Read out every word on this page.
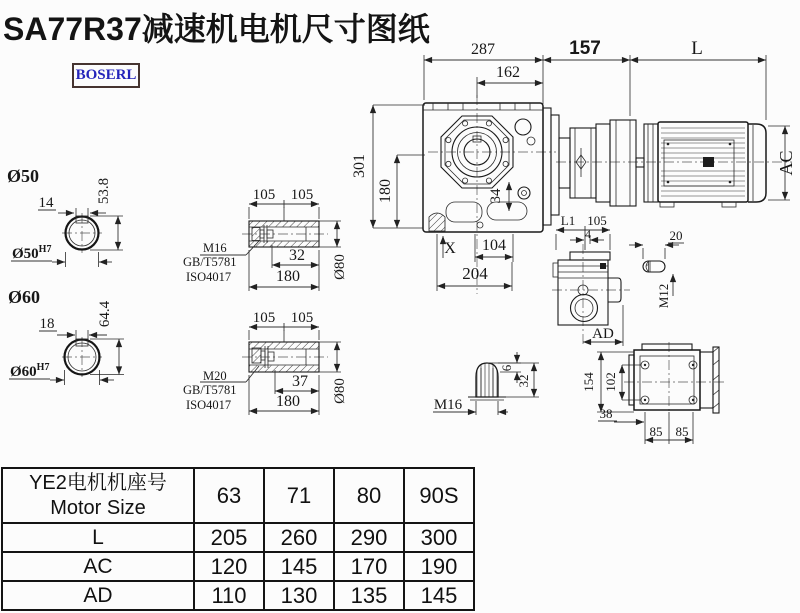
34
287	157	L
162
301
180
X 104
204
AC
Ø50
14	53.8
$Ø50^{H7}$
Ø60
18	64.4
$Ø60^{H7}$
105 105
32
180 Ø80
M16
GB/T5781
ISO4017
105 105
37
180 Ø80
M20
GB/T5781
ISO4017
L1 105
4
AD
20
M12
6
32
M16
154 102
38
85 85
SA77R37减速机电机尺寸图纸
BOSERL
YE2电机机座号
Motor Size	63	71	80	90S
L	205	260	290	300
AC	120	145	170	190
AD	110	130	135	145
